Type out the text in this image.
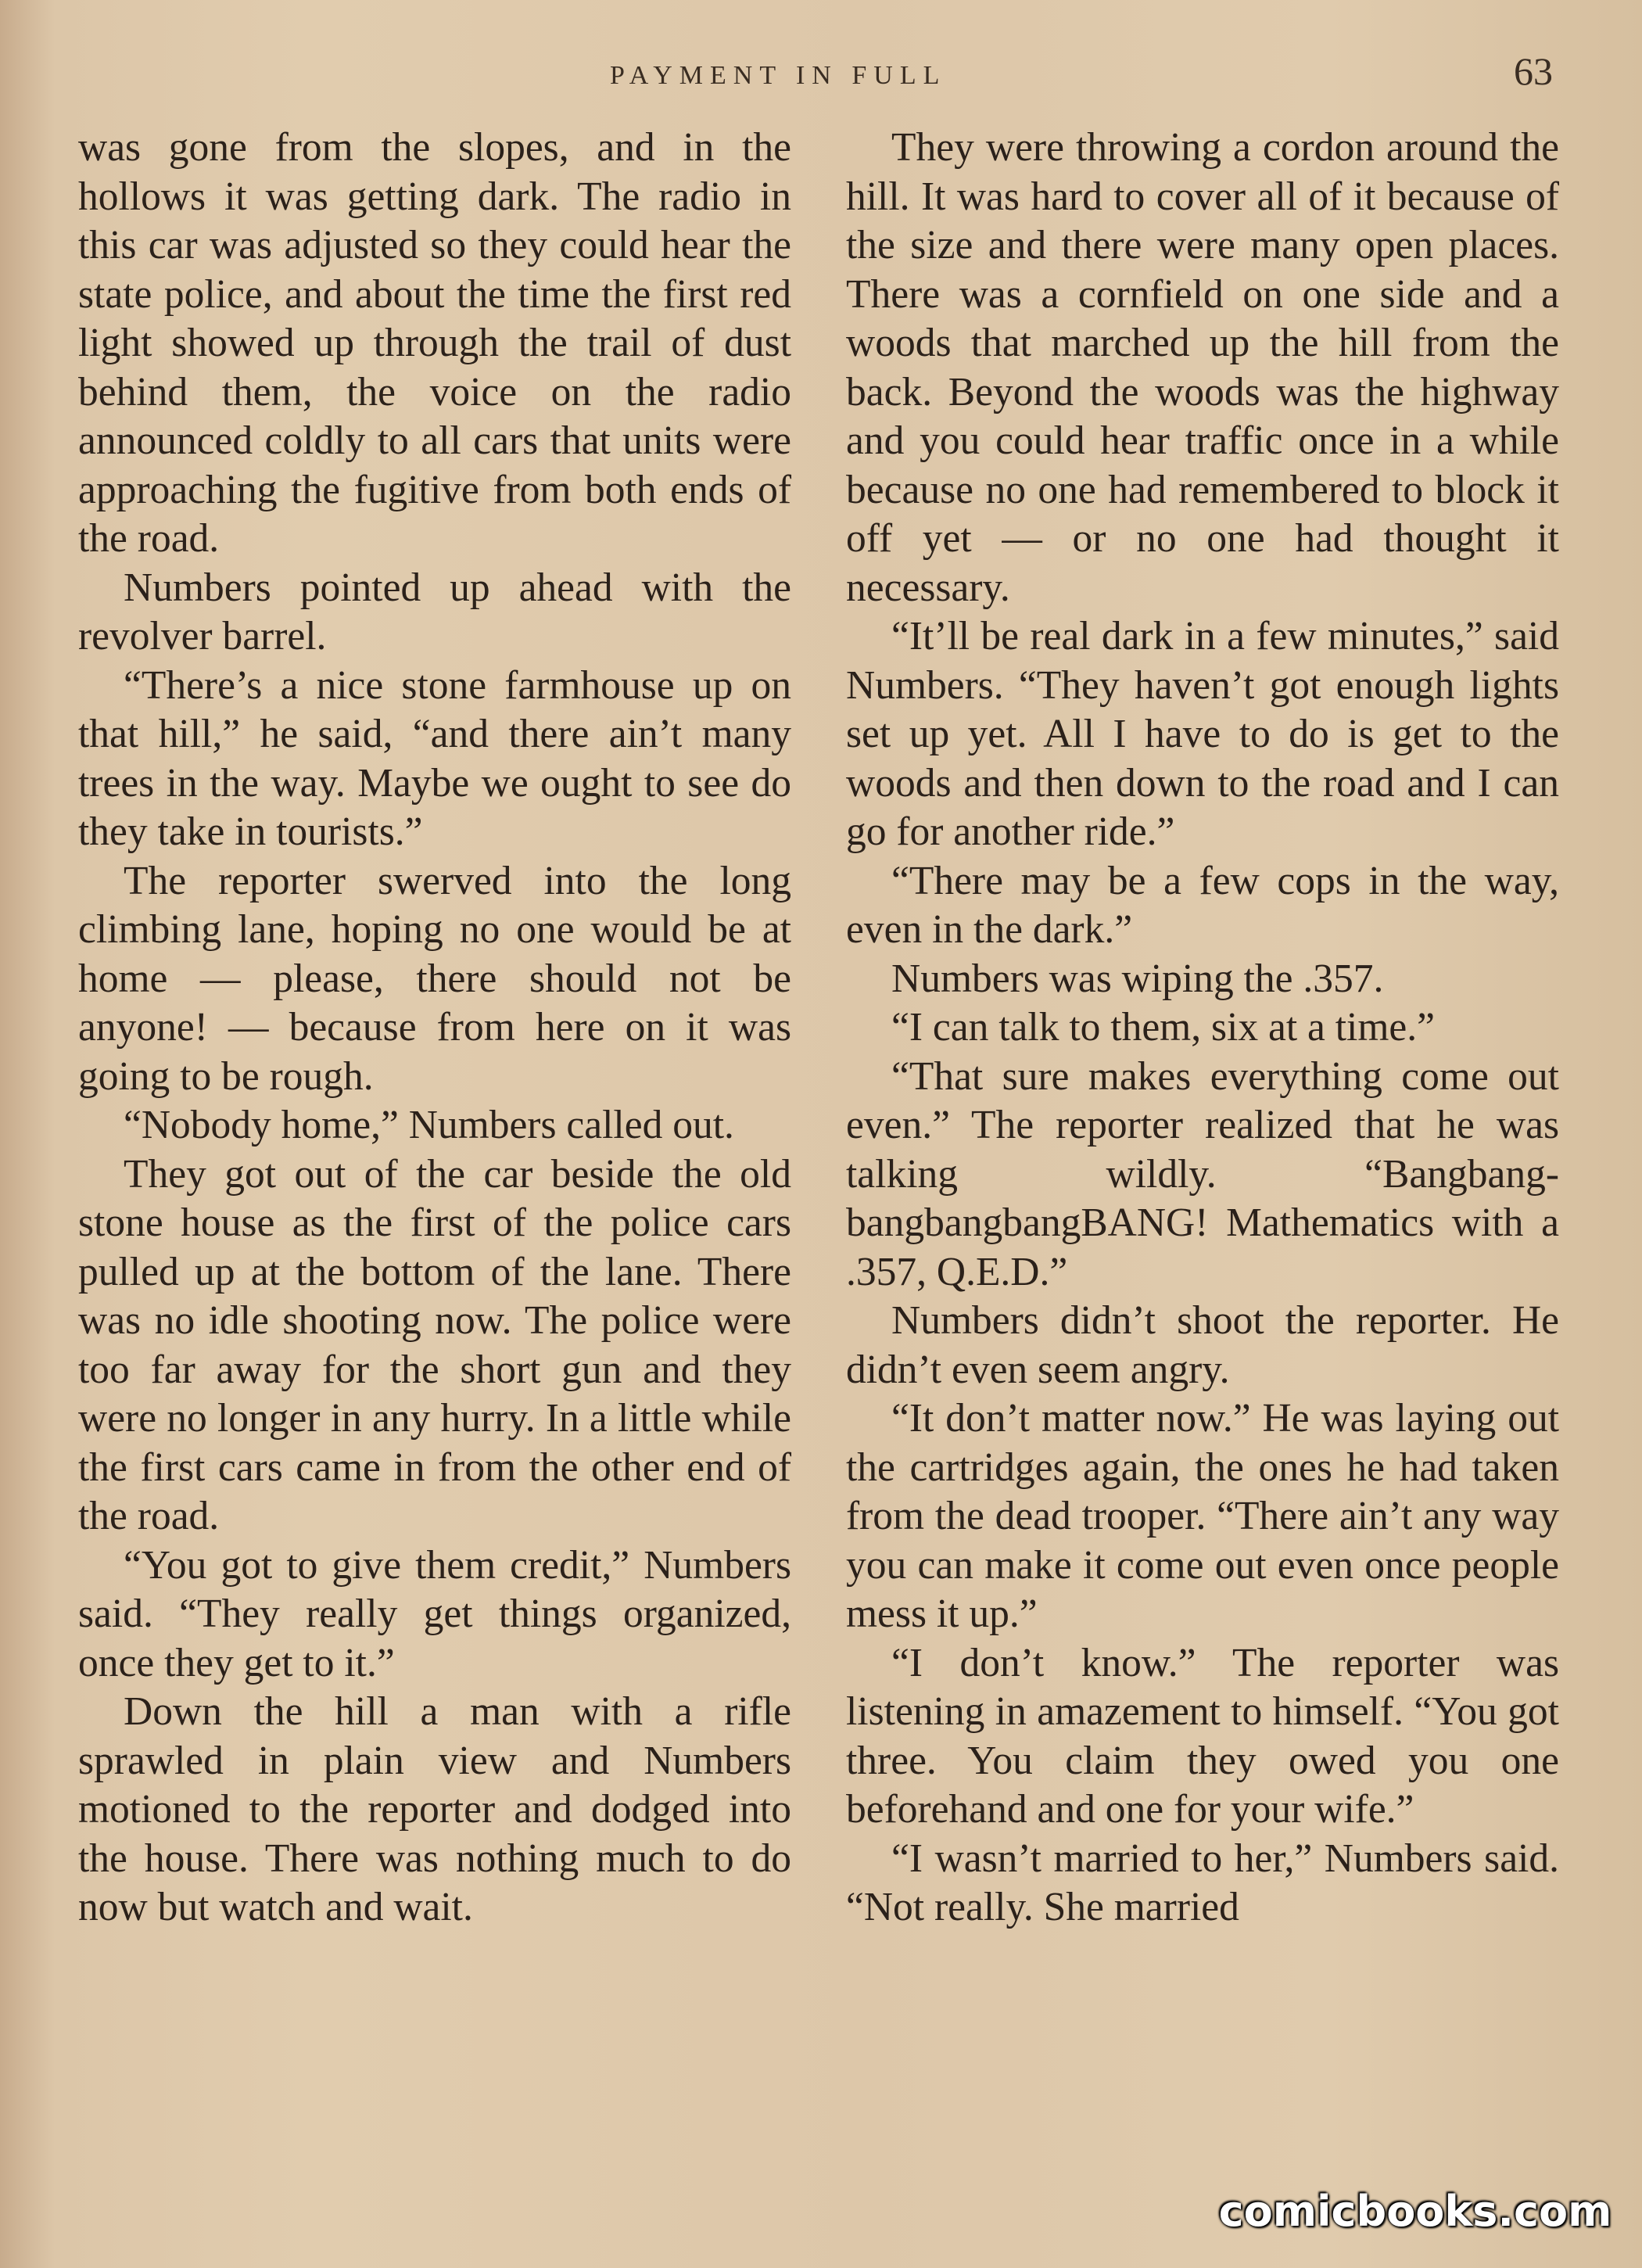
PAYMENT IN FULL	63

was gone from the slopes, and in the hollows it was getting dark. The radio in this car was adjusted so they could hear the state police, and about the time the first red light showed up through the trail of dust behind them, the voice on the radio announced coldly to all cars that units were approaching the fugitive from both ends of the road.

Numbers pointed up ahead with the revolver barrel.

“There’s a nice stone farmhouse up on that hill,” he said, “and there ain’t many trees in the way. Maybe we ought to see do they take in tourists.”

The reporter swerved into the long climbing lane, hoping no one would be at home — please, there should not be anyone! — because from here on it was going to be rough.

“Nobody home,” Numbers called out.

They got out of the car beside the old stone house as the first of the police cars pulled up at the bottom of the lane. There was no idle shooting now. The police were too far away for the short gun and they were no longer in any hurry. In a little while the first cars came in from the other end of the road.

“You got to give them credit,” Numbers said. “They really get things organized, once they get to it.”

Down the hill a man with a rifle sprawled in plain view and Numbers motioned to the reporter and dodged into the house. There was nothing much to do now but watch and wait.

They were throwing a cordon around the hill. It was hard to cover all of it because of the size and there were many open places. There was a cornfield on one side and a woods that marched up the hill from the back. Beyond the woods was the highway and you could hear traffic once in a while because no one had remembered to block it off yet — or no one had thought it necessary.

“It’ll be real dark in a few minutes,” said Numbers. “They haven’t got enough lights set up yet. All I have to do is get to the woods and then down to the road and I can go for another ride.”

“There may be a few cops in the way, even in the dark.”

Numbers was wiping the .357.

“I can talk to them, six at a time.”

“That sure makes everything come out even.” The reporter realized that he was talking wildly. “BangbangbangbangbangBANG! Mathematics with a .357, Q.E.D.”

Numbers didn’t shoot the reporter. He didn’t even seem angry.

“It don’t matter now.” He was laying out the cartridges again, the ones he had taken from the dead trooper. “There ain’t any way you can make it come out even once people mess it up.”

“I don’t know.” The reporter was listening in amazement to himself. “You got three. You claim they owed you one beforehand and one for your wife.”

“I wasn’t married to her,” Numbers said. “Not really. She married

comicbooks.com
